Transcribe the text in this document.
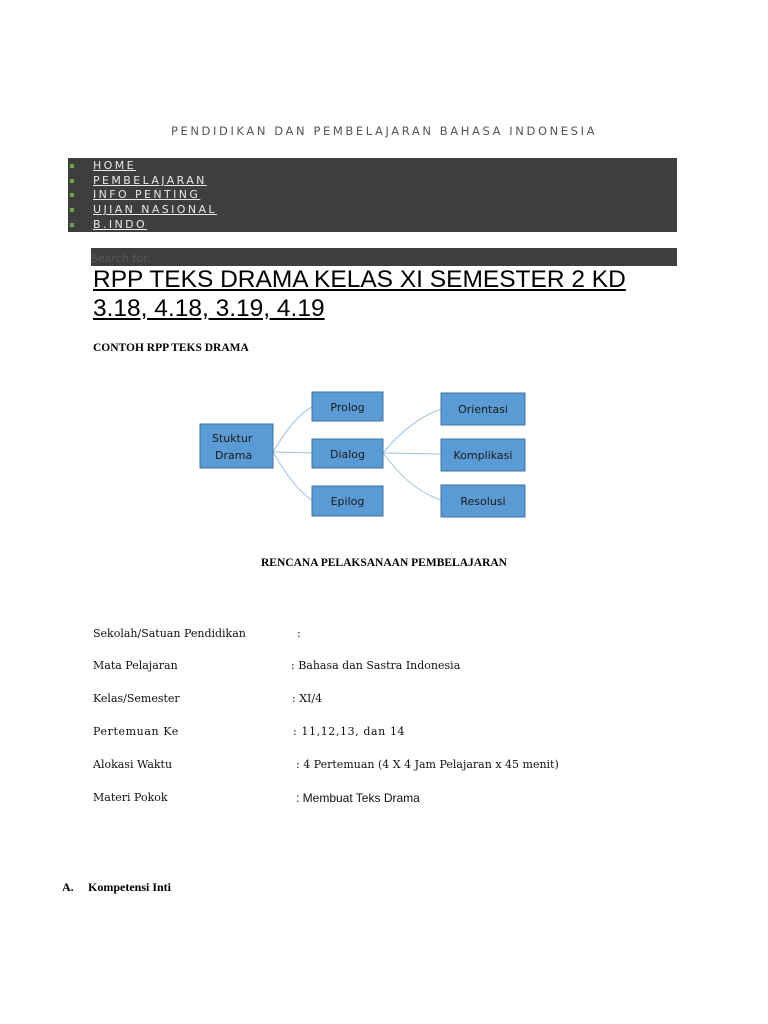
PENDIDIKAN DAN PEMBELAJARAN BAHASA INDONESIA
HOME
PEMBELAJARAN
INFO PENTING
UJIAN NASIONAL
B.INDO
Search for:
RPP TEKS DRAMA KELAS XI SEMESTER 2 KD
3.18, 4.18, 3.19, 4.19
CONTOH RPP TEKS DRAMA
Stuktur
Drama
Prolog
Dialog
Epilog
Orientasi
Komplikasi
Resolusi
RENCANA PELAKSANAAN PEMBELAJARAN
Sekolah/Satuan Pendidikan	:
Mata Pelajaran	: Bahasa dan Sastra Indonesia
Kelas/Semester	: XI/4
Pertemuan Ke	: 11,12,13, dan 14
Alokasi Waktu	: 4 Pertemuan (4 X 4 Jam Pelajaran x 45 menit)
Materi Pokok	: Membuat Teks Drama
A. Kompetensi Inti
